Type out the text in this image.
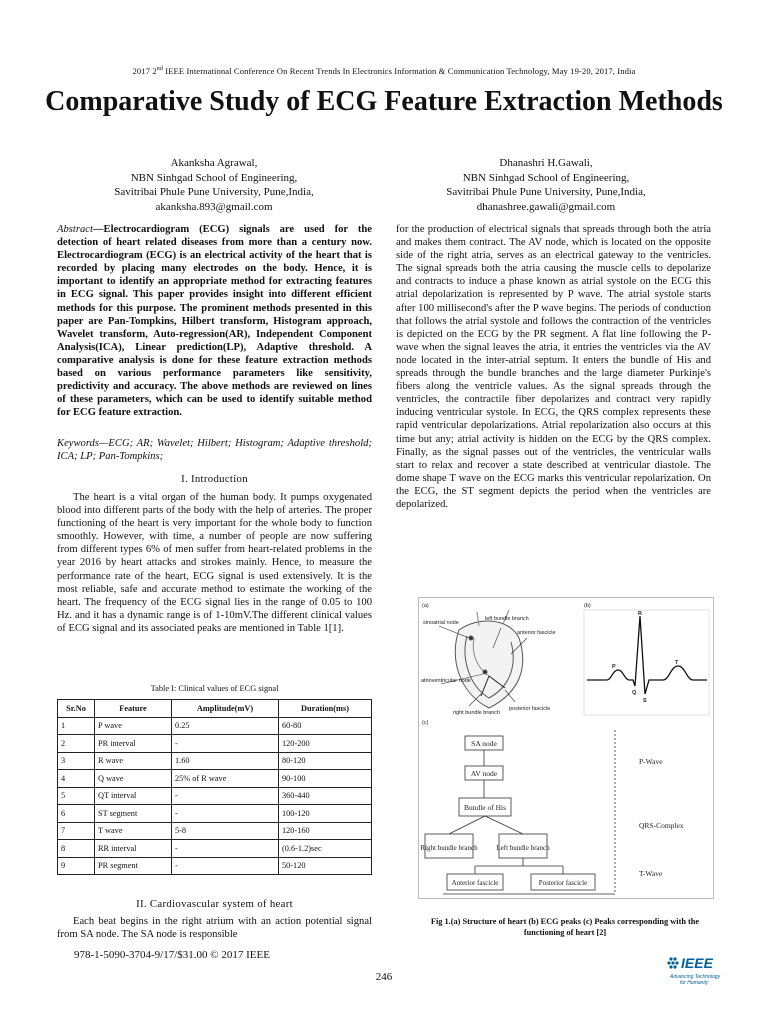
2017 2nd IEEE International Conference On Recent Trends In Electronics Information & Communication Technology, May 19-20, 2017, India
Comparative Study of ECG Feature Extraction Methods
Akanksha Agrawal,
NBN Sinhgad School of Engineering,
Savitribai Phule Pune University, Pune,India,
akanksha.893@gmail.com
Dhanashri H.Gawali,
NBN Sinhgad School of Engineering,
Savitribai Phule Pune University, Pune,India,
dhanashree.gawali@gmail.com
Abstract—Electrocardiogram (ECG) signals are used for the detection of heart related diseases from more than a century now. Electrocardiogram (ECG) is an electrical activity of the heart that is recorded by placing many electrodes on the body. Hence, it is important to identify an appropriate method for extracting features in ECG signal. This paper provides insight into different efficient methods for this purpose. The prominent methods presented in this paper are Pan-Tompkins, Hilbert transform, Histogram approach, Wavelet transform, Auto-regression(AR), Independent Component Analysis(ICA), Linear prediction(LP), Adaptive threshold. A comparative analysis is done for these feature extraction methods based on various performance parameters like sensitivity, predictivity and accuracy. The above methods are reviewed on lines of these parameters, which can be used to identify suitable method for ECG feature extraction.
Keywords—ECG; AR; Wavelet; Hilbert; Histogram; Adaptive threshold; ICA; LP; Pan-Tompkins;
I. Introduction
The heart is a vital organ of the human body. It pumps oxygenated blood into different parts of the body with the help of arteries. The proper functioning of the heart is very important for the whole body to function smoothly. However, with time, a number of people are now suffering from different types 6% of men suffer from heart-related problems in the year 2016 by heart attacks and strokes mainly. Hence, to measure the performance rate of the heart, ECG signal is used extensively. It is the most reliable, safe and accurate method to estimate the working of the heart. The frequency of the ECG signal lies in the range of 0.05 to 100 Hz. and it has a dynamic range is of 1-10mV.The different clinical values of ECG signal and its associated peaks are mentioned in Table 1[1].
Table I: Clinical values of ECG signal
Sr.No	Feature	Amplitude(mV)	Duration(ms)
1	P wave	0.25	60-80
2	PR interval	-	120-200
3	R wave	1.60	80-120
4	Q wave	25% of R wave	90-100
5	QT interval	-	360-440
6	ST segment	-	100-120
7	T wave	5-8	120-160
8	RR interval	-	(0.6-1.2)sec
9	PR segment	-	50-120
II. Cardiovascular system of heart
Each beat begins in the right atrium with an action potential signal from SA node. The SA node is responsible
for the production of electrical signals that spreads through both the atria and makes them contract. The AV node, which is located on the opposite side of the right atria, serves as an electrical gateway to the ventricles. The signal spreads both the atria causing the muscle cells to depolarize and contracts to induce a phase known as atrial systole on the ECG this atrial depolarization is represented by P wave. The atrial systole starts after 100 millisecond's after the P wave begins. The periods of conduction that follows the atrial systole and follows the contraction of the ventricles is depicted on the ECG by the PR segment. A flat line following the P-wave when the signal leaves the atria, it entries the ventricles via the AV node located in the inter-atrial septum. It enters the bundle of His and spreads through the bundle branches and the large diameter Purkinje's fibers along the ventricle values. As the signal spreads through the ventricles, the contractile fiber depolarizes and contract very rapidly inducing ventricular systole. In ECG, the QRS complex represents these rapid ventricular depolarizations. Atrial repolarization also occurs at this time but any; atrial activity is hidden on the ECG by the QRS complex. Finally, as the signal passes out of the ventricles, the ventricular walls start to relax and recover a state described at ventricular diastole. The dome shape T wave on the ECG marks this ventricular repolarization. On the ECG, the ST segment depicts the period when the ventricles are depolarized.
(a)	(b)
(c)
sinoatrial node
left bundle branch
anterior fascicle
atrioventricular node
right bundle branch
posterior fascicle
R
P
T
Q
S
SA node
AV node
Bundle of His
Right bundle branch	Left bundle branch
Anterior fascicle	Posterior fascicle
P-Wave
QRS-Complex
T-Wave
Fig 1.(a) Structure of heart (b) ECG peaks (c) Peaks corresponding with the functioning of heart [2]
978-1-5090-3704-9/17/$31.00 © 2017 IEEE
246
IEEE
Advancing Technology
for Humanity
